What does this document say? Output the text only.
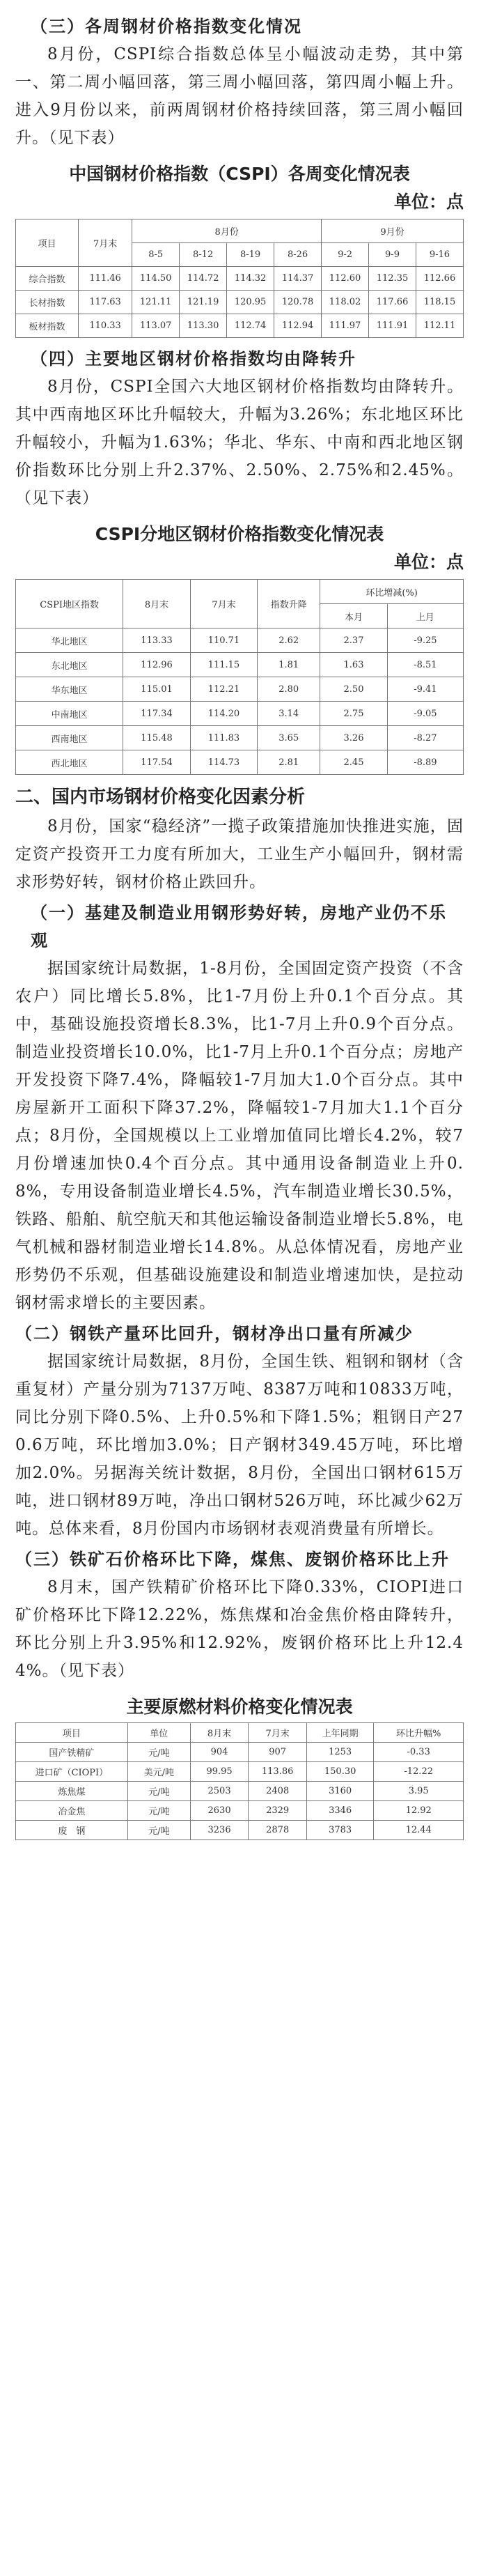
（三）各周钢材价格指数变化情况

8月份，CSPI综合指数总体呈小幅波动走势，其中第一、第二周小幅回落，第三周小幅回落，第四周小幅上升。进入9月份以来，前两周钢材价格持续回落，第三周小幅回升。（见下表）

中国钢材价格指数（CSPI）各周变化情况表

单位：点

项目	7月末	8月份				9月份		
		8-5	8-12	8-19	8-26	9-2	9-9	9-16
综合指数	111.46	114.50	114.72	114.32	114.37	112.60	112.35	112.66
长材指数	117.63	121.11	121.19	120.95	120.78	118.02	117.66	118.15
板材指数	110.33	113.07	113.30	112.74	112.94	111.97	111.91	112.11

（四）主要地区钢材价格指数均由降转升

8月份，CSPI全国六大地区钢材价格指数均由降转升。其中西南地区环比升幅较大，升幅为3.26%；东北地区环比升幅较小，升幅为1.63%；华北、华东、中南和西北地区钢价指数环比分别上升2.37%、2.50%、2.75%和2.45%。（见下表）

CSPI分地区钢材价格指数变化情况表

单位：点

CSPI地区指数	8月末	7月末	指数升降	环比增减(%)	
				本月	上月
华北地区	113.33	110.71	2.62	2.37	-9.25
东北地区	112.96	111.15	1.81	1.63	-8.51
华东地区	115.01	112.21	2.80	2.50	-9.41
中南地区	117.34	114.20	3.14	2.75	-9.05
西南地区	115.48	111.83	3.65	3.26	-8.27
西北地区	117.54	114.73	2.81	2.45	-8.89

二、国内市场钢材价格变化因素分析

8月份，国家“稳经济”一揽子政策措施加快推进实施，固定资产投资开工力度有所加大，工业生产小幅回升，钢材需求形势好转，钢材价格止跌回升。

（一）基建及制造业用钢形势好转，房地产业仍不乐观

据国家统计局数据，1-8月份，全国固定资产投资（不含农户）同比增长5.8%，比1-7月份上升0.1个百分点。其中，基础设施投资增长8.3%，比1-7月上升0.9个百分点。制造业投资增长10.0%，比1-7月上升0.1个百分点；房地产开发投资下降7.4%，降幅较1-7月加大1.0个百分点。其中房屋新开工面积下降37.2%，降幅较1-7月加大1.1个百分点；8月份，全国规模以上工业增加值同比增长4.2%，较7月份增速加快0.4个百分点。其中通用设备制造业上升0.8%，专用设备制造业增长4.5%，汽车制造业增长30.5%，铁路、船舶、航空航天和其他运输设备制造业增长5.8%，电气机械和器材制造业增长14.8%。从总体情况看，房地产业形势仍不乐观，但基础设施建设和制造业增速加快，是拉动钢材需求增长的主要因素。

（二）钢铁产量环比回升，钢材净出口量有所减少

据国家统计局数据，8月份，全国生铁、粗钢和钢材（含重复材）产量分别为7137万吨、8387万吨和10833万吨，同比分别下降0.5%、上升0.5%和下降1.5%；粗钢日产270.6万吨，环比增加3.0%；日产钢材349.45万吨，环比增加2.0%。另据海关统计数据，8月份，全国出口钢材615万吨，进口钢材89万吨，净出口钢材526万吨，环比减少62万吨。总体来看，8月份国内市场钢材表观消费量有所增长。

（三）铁矿石价格环比下降，煤焦、废钢价格环比上升

8月末，国产铁精矿价格环比下降0.33%，CIOPI进口矿价格环比下降12.22%，炼焦煤和冶金焦价格由降转升，环比分别上升3.95%和12.92%，废钢价格环比上升12.44%。（见下表）

主要原燃材料价格变化情况表

项目	单位	8月末	7月末	上年同期	环比升幅%
国产铁精矿	元/吨	904	907	1253	-0.33
进口矿（CIOPI）	美元/吨	99.95	113.86	150.30	-12.22
炼焦煤	元/吨	2503	2408	3160	3.95
冶金焦	元/吨	2630	2329	3346	12.92
废　钢	元/吨	3236	2878	3783	12.44
